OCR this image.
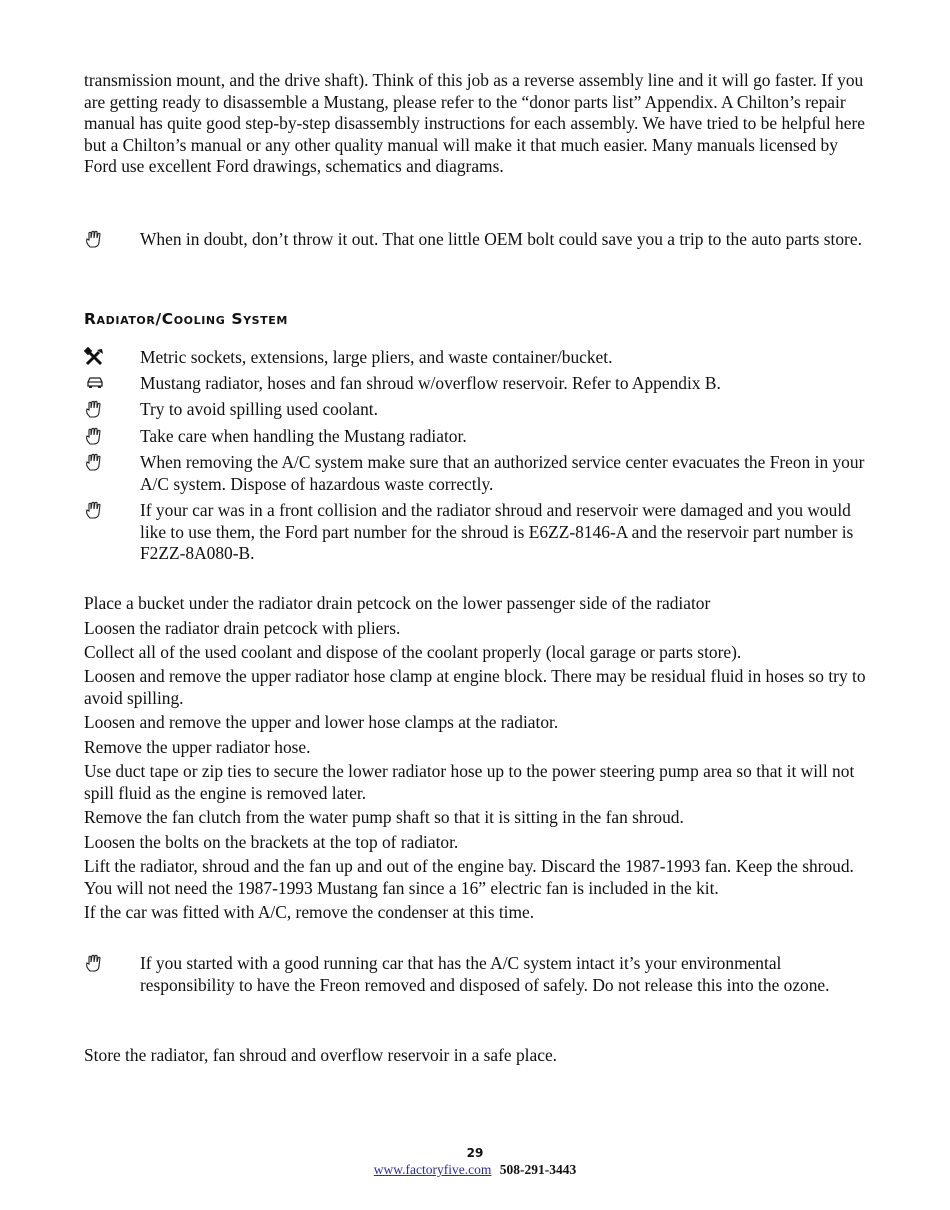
transmission mount, and the drive shaft). Think of this job as a reverse assembly line and it will go faster. If you are getting ready to disassemble a Mustang, please refer to the “donor parts list” Appendix. A Chilton’s repair manual has quite good step-by-step disassembly instructions for each assembly. We have tried to be helpful here but a Chilton’s manual or any other quality manual will make it that much easier. Many manuals licensed by Ford use excellent Ford drawings, schematics and diagrams.

When in doubt, don’t throw it out. That one little OEM bolt could save you a trip to the auto parts store.
Radiator/Cooling System
Metric sockets, extensions, large pliers, and waste container/bucket.
Mustang radiator, hoses and fan shroud w/overflow reservoir. Refer to Appendix B.
Try to avoid spilling used coolant.
Take care when handling the Mustang radiator.
When removing the A/C system make sure that an authorized service center evacuates the Freon in your A/C system. Dispose of hazardous waste correctly.
If your car was in a front collision and the radiator shroud and reservoir were damaged and you would like to use them, the Ford part number for the shroud is E6ZZ-8146-A and the reservoir part number is F2ZZ-8A080-B.
Place a bucket under the radiator drain petcock on the lower passenger side of the radiator
Loosen the radiator drain petcock with pliers.
Collect all of the used coolant and dispose of the coolant properly (local garage or parts store).
Loosen and remove the upper radiator hose clamp at engine block. There may be residual fluid in hoses so try to avoid spilling.
Loosen and remove the upper and lower hose clamps at the radiator.
Remove the upper radiator hose.
Use duct tape or zip ties to secure the lower radiator hose up to the power steering pump area so that it will not spill fluid as the engine is removed later.
Remove the fan clutch from the water pump shaft so that it is sitting in the fan shroud.
Loosen the bolts on the brackets at the top of radiator.
Lift the radiator, shroud and the fan up and out of the engine bay. Discard the 1987-1993 fan. Keep the shroud. You will not need the 1987-1993 Mustang fan since a 16” electric fan is included in the kit.
If the car was fitted with A/C, remove the condenser at this time.
If you started with a good running car that has the A/C system intact it’s your environmental responsibility to have the Freon removed and disposed of safely. Do not release this into the ozone.

Store the radiator, fan shroud and overflow reservoir in a safe place.

29
www.factoryfive.com 508-291-3443
